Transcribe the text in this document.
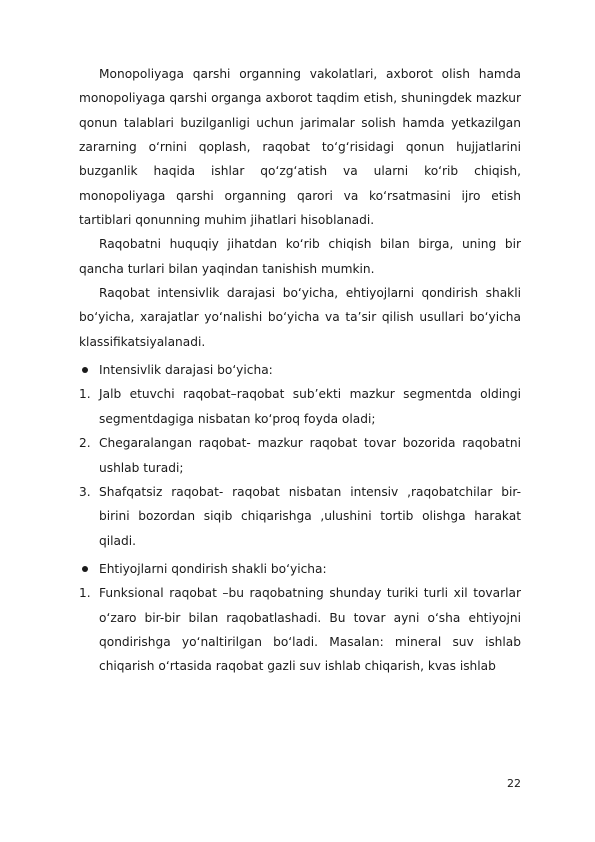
Monopoliyaga qarshi organning vakolatlari, axborot olish hamda monopoliyaga qarshi organga axborot taqdim etish, shuningdek mazkur qonun talablari buzilganligi uchun jarimalar solish hamda yetkazilgan zararning o‘rnini qoplash, raqobat to‘g‘risidagi qonun hujjatlarini buzganlik haqida ishlar qo‘zg‘atish va ularni ko‘rib chiqish, monopoliyaga qarshi organning qarori va ko‘rsatmasini ijro etish tartiblari qonunning muhim jihatlari hisoblanadi.

Raqobatni huquqiy jihatdan ko‘rib chiqish bilan birga, uning bir qancha turlari bilan yaqindan tanishish mumkin.

Raqobat intensivlik darajasi bo‘yicha, ehtiyojlarni qondirish shakli bo‘yicha, xarajatlar yo‘nalishi bo‘yicha va ta’sir qilish usullari bo‘yicha klassifikatsiyalanadi.

Intensivlik darajasi bo‘yicha:
1. Jalb etuvchi raqobat–raqobat sub’ekti mazkur segmentda oldingi segmentdagiga nisbatan ko‘proq foyda oladi;
2. Chegaralangan raqobat- mazkur raqobat tovar bozorida raqobatni ushlab turadi;
3. Shafqatsiz raqobat- raqobat nisbatan intensiv ,raqobatchilar bir-birini bozordan siqib chiqarishga ,ulushini tortib olishga harakat qiladi.
Ehtiyojlarni qondirish shakli bo‘yicha:
1. Funksional raqobat –bu raqobatning shunday turiki turli xil tovarlar o‘zaro bir-bir bilan raqobatlashadi. Bu tovar ayni o‘sha ehtiyojni qondirishga yo‘naltirilgan bo‘ladi. Masalan: mineral suv ishlab chiqarish o‘rtasida raqobat gazli suv ishlab chiqarish, kvas ishlab
22
